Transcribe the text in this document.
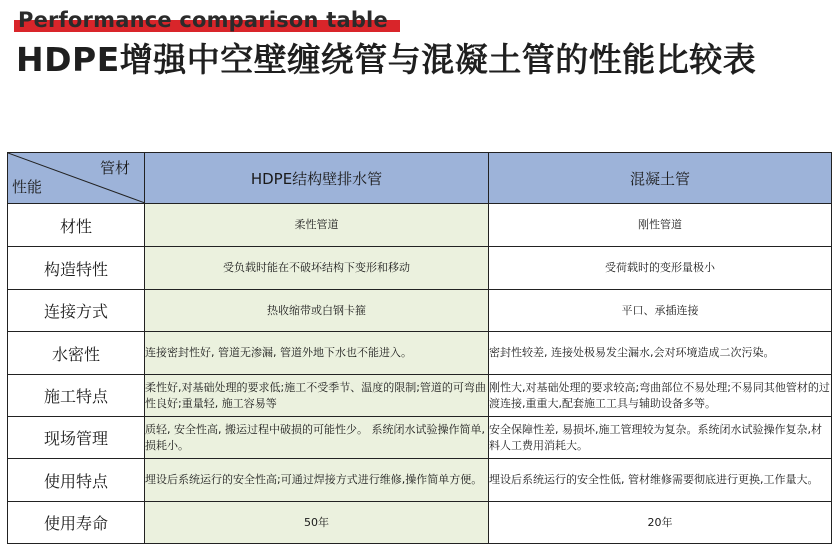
Performance comparison table
HDPE增强中空壁缠绕管与混凝土管的性能比较表
管材
性能	HDPE结构壁排水管	混凝土管
材性	柔性管道	刚性管道
构造特性	受负载时能在不破坏结构下变形和移动	受荷载时的变形量极小
连接方式	热收缩带或白钢卡箍	平口、承插连接
水密性	连接密封性好, 管道无渗漏, 管道外地下水也不能进入。	密封性较差, 连接处极易发尘漏水,会对环境造成二次污染。
施工特点	柔性好,对基础处理的要求低;施工不受季节、温度的限制;管道的可弯曲性良好;重量轻, 施工容易等	刚性大,对基础处理的要求较高;弯曲部位不易处理;不易同其他管材的过渡连接,重重大,配套施工工具与辅助设备多等。
现场管理	质轻, 安全性高, 搬运过程中破损的可能性少。 系统闭水试验操作简单, 损耗小。	安全保障性差, 易损坏,施工管理较为复杂。系统闭水试验操作复杂,材料人工费用消耗大。
使用特点	埋设后系统运行的安全性高;可通过焊接方式进行维修,操作简单方便。	埋设后系统运行的安全性低, 管材维修需要彻底进行更换,工作量大。
使用寿命	50年	20年
